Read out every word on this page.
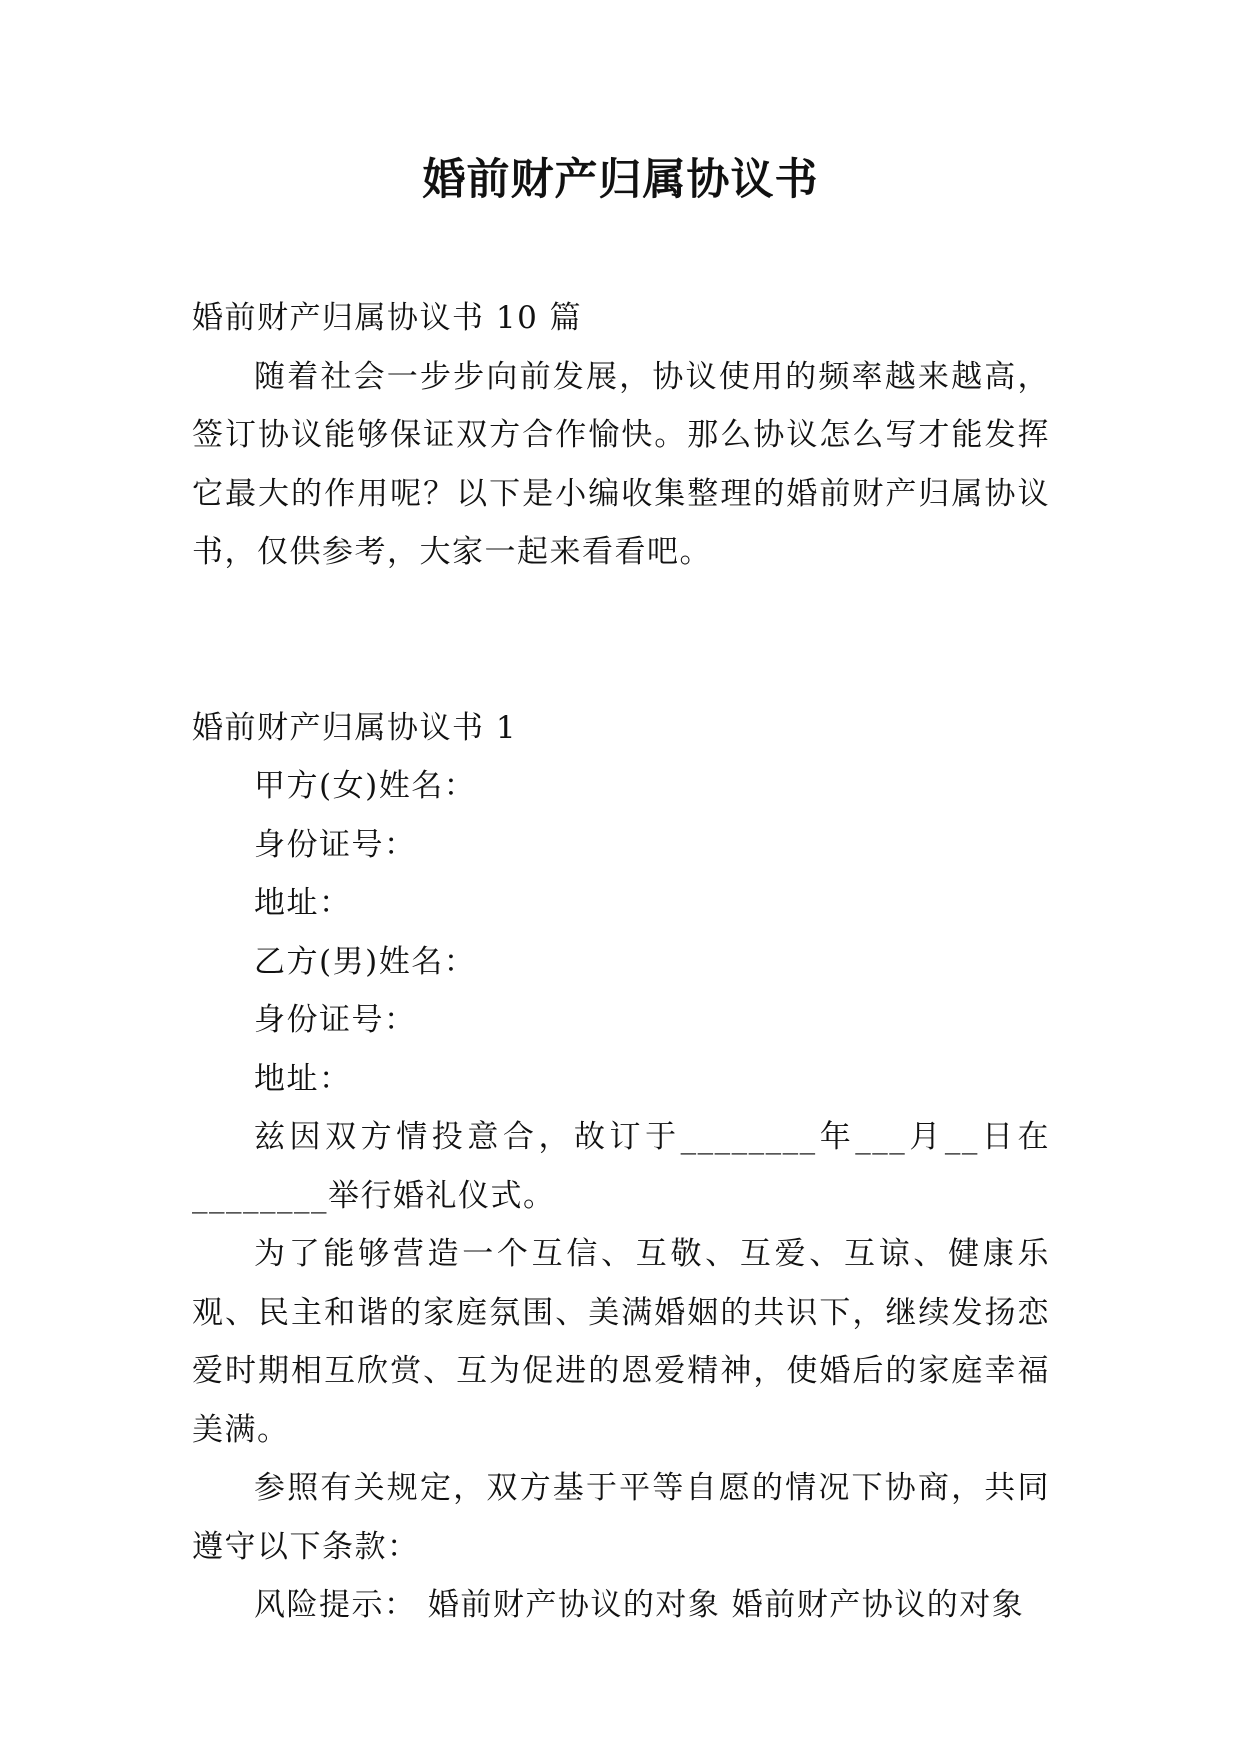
婚前财产归属协议书

婚前财产归属协议书 10 篇

随着社会一步步向前发展，协议使用的频率越来越高，签订协议能够保证双方合作愉快。那么协议怎么写才能发挥它最大的作用呢？以下是小编收集整理的婚前财产归属协议书，仅供参考，大家一起来看看吧。

婚前财产归属协议书 1

甲方(女)姓名：

身份证号：

地址：

乙方(男)姓名：

身份证号：

地址：

兹因双方情投意合，故订于________年___月__日在________举行婚礼仪式。

为了能够营造一个互信、互敬、互爱、互谅、健康乐观、民主和谐的家庭氛围、美满婚姻的共识下，继续发扬恋爱时期相互欣赏、互为促进的恩爱精神，使婚后的家庭幸福美满。

参照有关规定，双方基于平等自愿的情况下协商，共同遵守以下条款：

风险提示： 婚前财产协议的对象 婚前财产协议的对象
